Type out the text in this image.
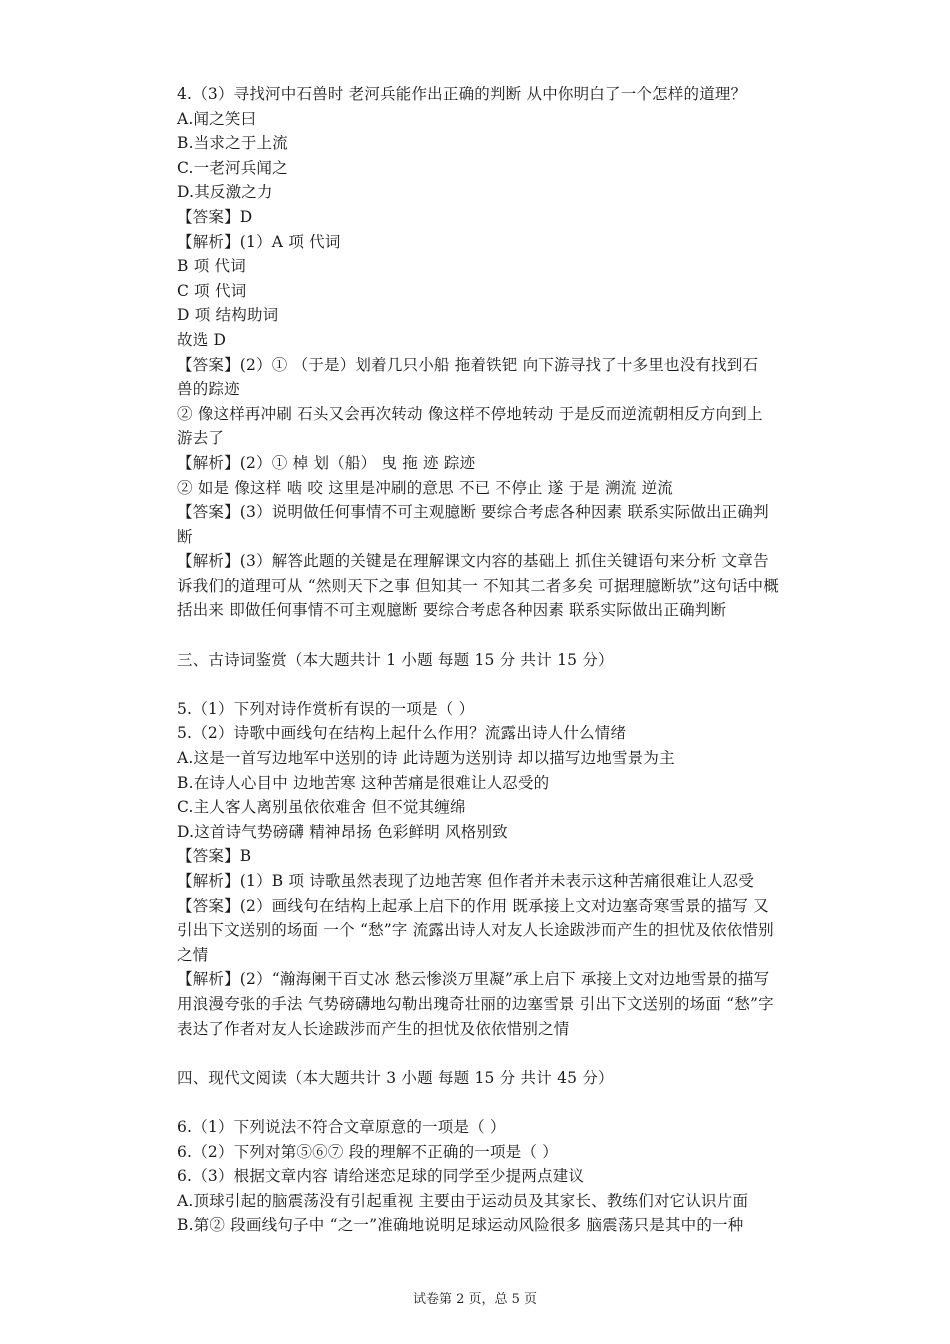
4.（3）寻找河中石兽时 老河兵能作出正确的判断 从中你明白了一个怎样的道理？
A.闻之笑曰
B.当求之于上流
C.一老河兵闻之
D.其反激之力
【答案】D
【解析】(1）A 项 代词
B 项 代词
C 项 代词
D 项 结构助词
故选 D
【答案】(2）① （于是）划着几只小船 拖着铁钯 向下游寻找了十多里也没有找到石
兽的踪迹
② 像这样再冲刷 石头又会再次转动 像这样不停地转动 于是反而逆流朝相反方向到上
游去了
【解析】(2）① 棹 划（船） 曳 拖 迹 踪迹
② 如是 像这样 啮 咬 这里是冲刷的意思 不已 不停止 遂 于是 溯流 逆流
【答案】(3）说明做任何事情不可主观臆断 要综合考虑各种因素 联系实际做出正确判
断
【解析】(3）解答此题的关键是在理解课文内容的基础上 抓住关键语句来分析 文章告
诉我们的道理可从 “然则天下之事 但知其一 不知其二者多矣 可据理臆断欤”这句话中概
括出来 即做任何事情不可主观臆断 要综合考虑各种因素 联系实际做出正确判断
三、古诗词鉴赏（本大题共计 1 小题 每题 15 分 共计 15 分）
5.（1）下列对诗作赏析有误的一项是（ ）
5.（2）诗歌中画线句在结构上起什么作用？流露出诗人什么情绪
A.这是一首写边地军中送别的诗 此诗题为送别诗 却以描写边地雪景为主
B.在诗人心目中 边地苦寒 这种苦痛是很难让人忍受的
C.主人客人离别虽依依难舍 但不觉其缠绵
D.这首诗气势磅礴 精神昂扬 色彩鲜明 风格别致
【答案】B
【解析】(1）B 项 诗歌虽然表现了边地苦寒 但作者并未表示这种苦痛很难让人忍受
【答案】(2）画线句在结构上起承上启下的作用 既承接上文对边塞奇寒雪景的描写 又
引出下文送别的场面 一个 “愁”字 流露出诗人对友人长途跋涉而产生的担忧及依依惜别
之情
【解析】(2）“瀚海阑干百丈冰 愁云惨淡万里凝”承上启下 承接上文对边地雪景的描写
用浪漫夸张的手法 气势磅礴地勾勒出瑰奇壮丽的边塞雪景 引出下文送别的场面 “愁”字
表达了作者对友人长途跋涉而产生的担忧及依依惜别之情
四、现代文阅读（本大题共计 3 小题 每题 15 分 共计 45 分）
6.（1）下列说法不符合文章原意的一项是（ ）
6.（2）下列对第⑤⑥⑦ 段的理解不正确的一项是（ ）
6.（3）根据文章内容 请给迷恋足球的同学至少提两点建议
A.顶球引起的脑震荡没有引起重视 主要由于运动员及其家长、教练们对它认识片面
B.第② 段画线句子中 “之一”准确地说明足球运动风险很多 脑震荡只是其中的一种
试卷第 2 页，总 5 页
